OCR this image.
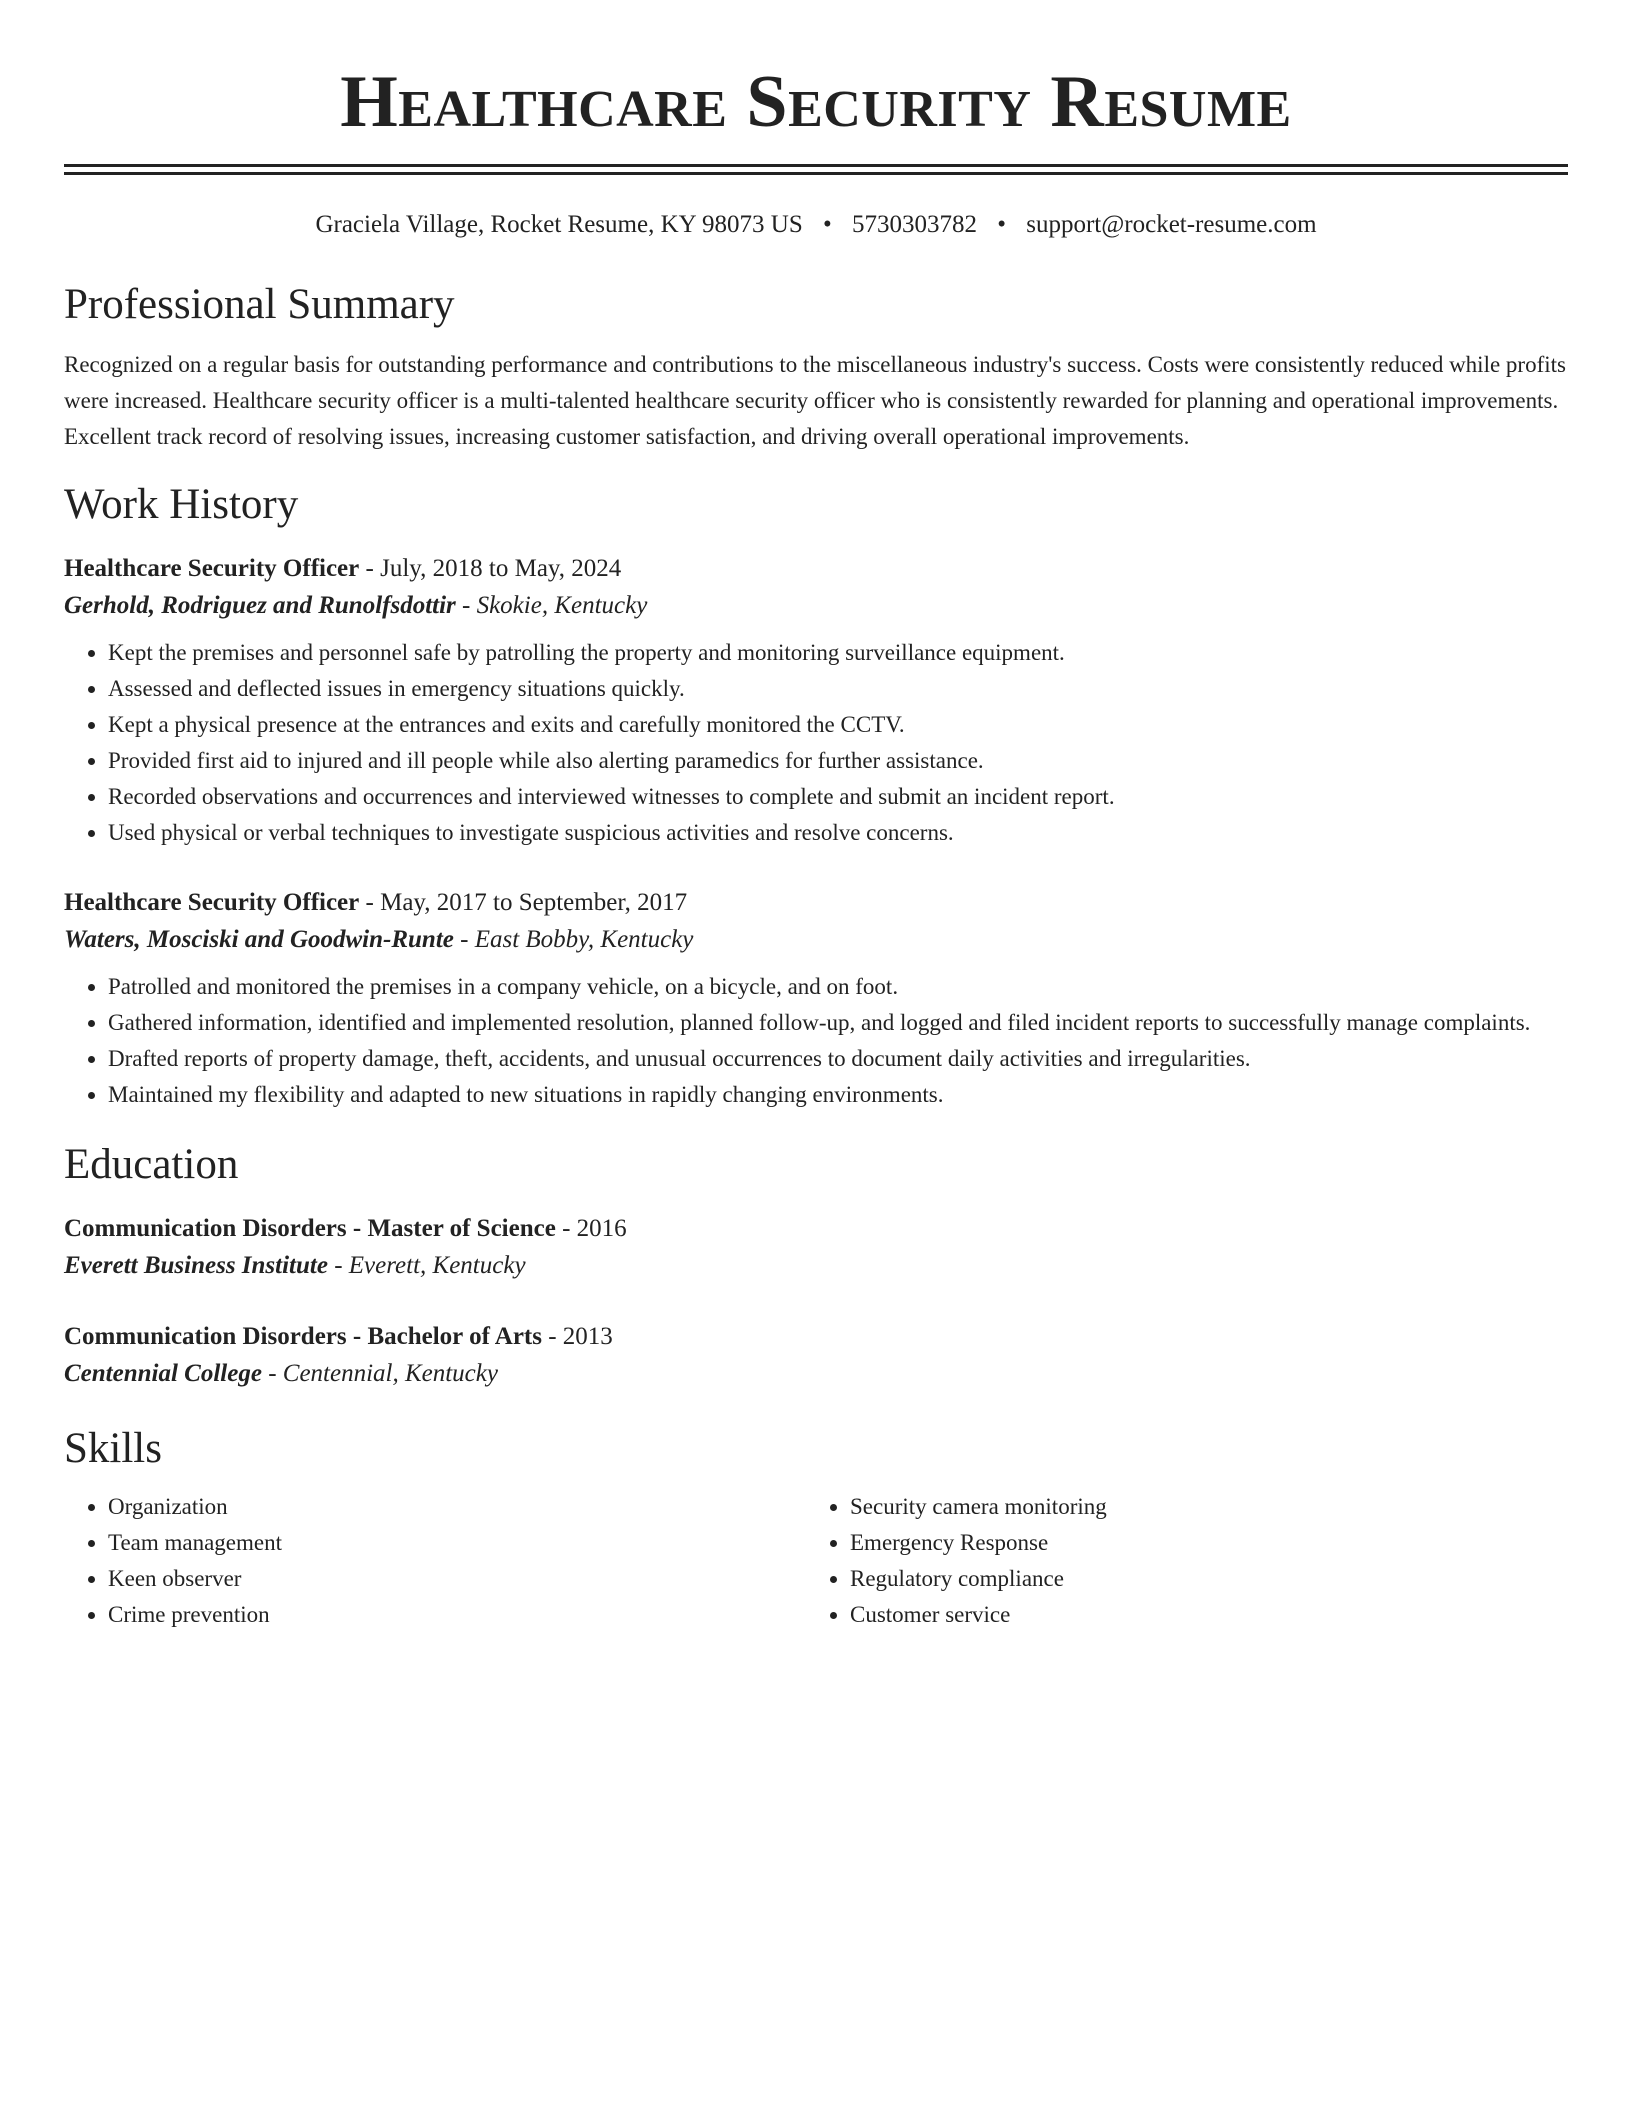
Healthcare Security Resume
Graciela Village, Rocket Resume, KY 98073 US • 5730303782 • support@rocket-resume.com
Professional Summary

Recognized on a regular basis for outstanding performance and contributions to the miscellaneous industry's success. Costs were consistently reduced while profits were increased. Healthcare security officer is a multi-talented healthcare security officer who is consistently rewarded for planning and operational improvements. Excellent track record of resolving issues, increasing customer satisfaction, and driving overall operational improvements.

Work History
Healthcare Security Officer - July, 2018 to May, 2024
Gerhold, Rodriguez and Runolfsdottir - Skokie, Kentucky
• Kept the premises and personnel safe by patrolling the property and monitoring surveillance equipment.
• Assessed and deflected issues in emergency situations quickly.
• Kept a physical presence at the entrances and exits and carefully monitored the CCTV.
• Provided first aid to injured and ill people while also alerting paramedics for further assistance.
• Recorded observations and occurrences and interviewed witnesses to complete and submit an incident report.
• Used physical or verbal techniques to investigate suspicious activities and resolve concerns.
Healthcare Security Officer - May, 2017 to September, 2017
Waters, Mosciski and Goodwin-Runte - East Bobby, Kentucky
• Patrolled and monitored the premises in a company vehicle, on a bicycle, and on foot.
• Gathered information, identified and implemented resolution, planned follow-up, and logged and filed incident reports to successfully manage complaints.
• Drafted reports of property damage, theft, accidents, and unusual occurrences to document daily activities and irregularities.
• Maintained my flexibility and adapted to new situations in rapidly changing environments.
Education
Communication Disorders - Master of Science - 2016
Everett Business Institute - Everett, Kentucky
Communication Disorders - Bachelor of Arts - 2013
Centennial College - Centennial, Kentucky
Skills
• Organization
• Team management
• Keen observer
• Crime prevention
• Security camera monitoring
• Emergency Response
• Regulatory compliance
• Customer service
